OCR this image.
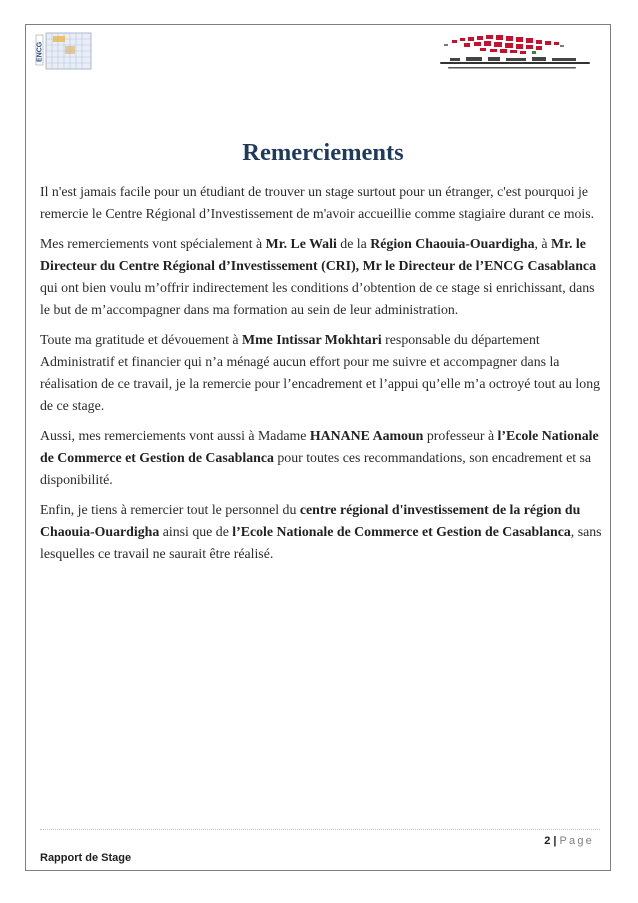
ENCG
Remerciements

Il n'est jamais facile pour un étudiant de trouver un stage surtout pour un étranger, c'est pourquoi je remercie le Centre Régional d’Investissement de m'avoir accueillie comme stagiaire durant ce mois.

Mes remerciements vont spécialement à Mr. Le Wali de la Région Chaouia-Ouardigha, à Mr. le Directeur du Centre Régional d’Investissement (CRI), Mr le Directeur de l’ENCG Casablanca qui ont bien voulu m’offrir indirectement les conditions d’obtention de ce stage si enrichissant, dans le but de m’accompagner dans ma formation au sein de leur administration.

Toute ma gratitude et dévouement à Mme Intissar Mokhtari responsable du département Administratif et financier qui n’a ménagé aucun effort pour me suivre et accompagner dans la réalisation de ce travail, je la remercie pour l’encadrement et l’appui qu’elle m’a octroyé tout au long de ce stage.

Aussi, mes remerciements vont aussi à Madame HANANE Aamoun professeur à l’Ecole Nationale de Commerce et Gestion de Casablanca pour toutes ces recommandations, son encadrement et sa disponibilité.

Enfin, je tiens à remercier tout le personnel du centre régional d'investissement de la région du Chaouia-Ouardigha ainsi que de l’Ecole Nationale de Commerce et Gestion de Casablanca, sans lesquelles ce travail ne saurait être réalisé.

2 | Page
Rapport de Stage
